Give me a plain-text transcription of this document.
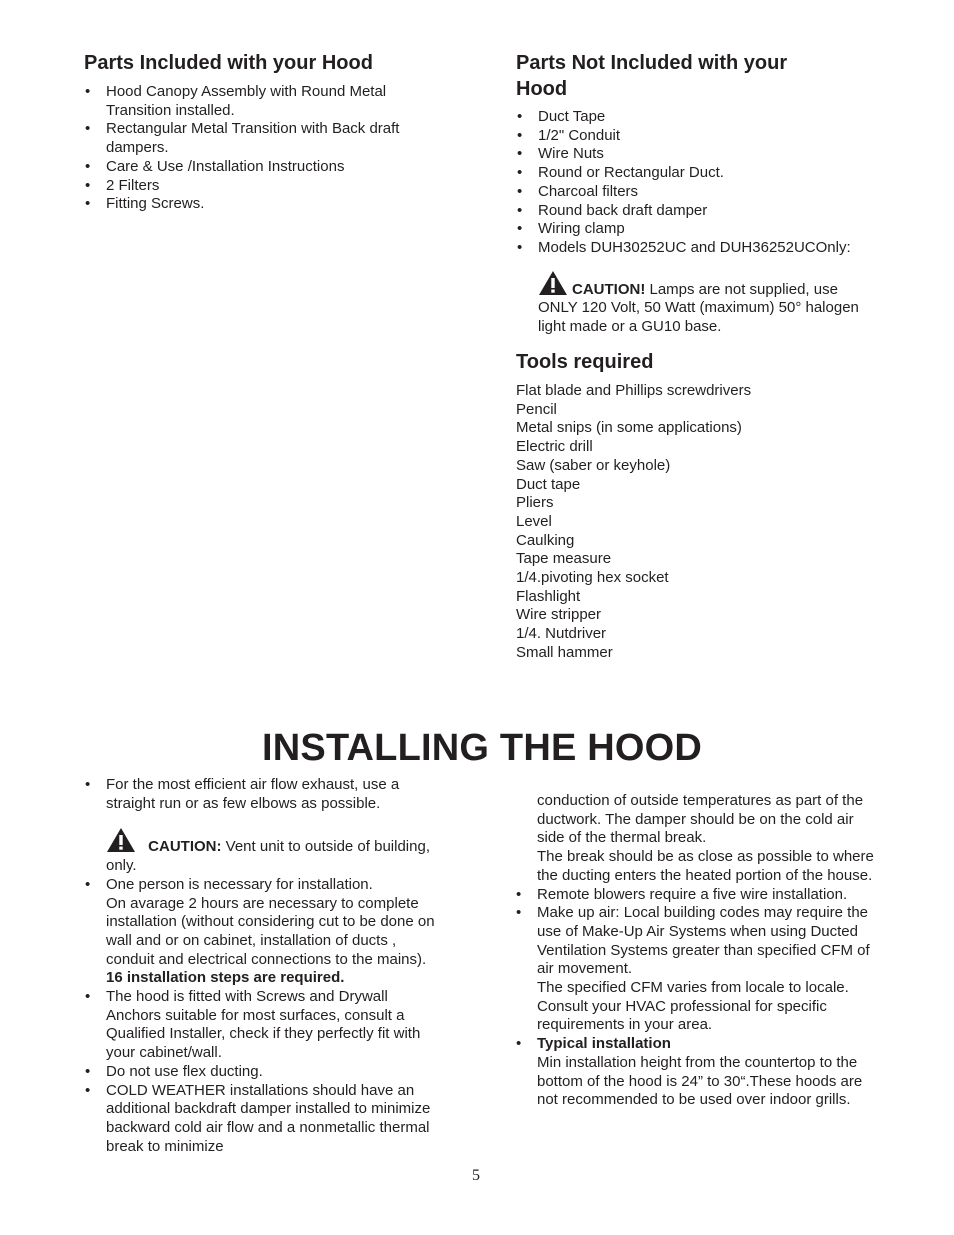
Parts Included with your Hood
• Hood Canopy Assembly with Round Metal Transition installed.
• Rectangular Metal Transition with Back draft dampers.
• Care & Use /Installation Instructions
• 2 Filters
• Fitting Screws.
Parts Not Included with your Hood
• Duct Tape
• 1/2" Conduit
• Wire Nuts
• Round or Rectangular Duct.
• Charcoal filters
• Round back draft damper
• Wiring clamp
• Models DUH30252UC and DUH36252UCOnly:
CAUTION! Lamps are not supplied, use ONLY 120 Volt, 50 Watt (maximum) 50° halogen light made or a GU10 base.
Tools required
Flat blade and Phillips screwdrivers
Pencil
Metal snips (in some applications)
Electric drill
Saw (saber or keyhole)
Duct tape
Pliers
Level
Caulking
Tape measure
1/4.pivoting hex socket
Flashlight
Wire stripper
1/4. Nutdriver
Small hammer
INSTALLING THE HOOD
• For the most efficient air flow exhaust, use a straight run or as few elbows as possible.
CAUTION: Vent unit to outside of building, only.
• One person is necessary for installation.
On avarage 2 hours are necessary to complete installation (without considering cut to be done on wall and or on cabinet, installation of ducts , conduit and electrical connections to the mains).
16 installation steps are required.
• The hood is fitted with Screws and Drywall Anchors suitable for most surfaces, consult a Qualified Installer, check if they perfectly fit with your cabinet/wall.
• Do not use flex ducting.
• COLD WEATHER installations should have an additional backdraft damper installed to minimize backward cold air flow and a nonmetallic thermal break to minimize
conduction of outside temperatures as part of the ductwork. The damper should be on the cold air side of the thermal break.
The break should be as close as possible to where the ducting enters the heated portion of the house.
• Remote blowers require a five wire installation.
• Make up air: Local building codes may require the use of Make-Up Air Systems when using Ducted Ventilation Systems greater than specified CFM of air movement.
The specified CFM varies from locale to locale. Consult your HVAC professional for specific requirements in your area.
• Typical installation
Min installation height from the countertop to the bottom of the hood is 24” to 30“.These hoods are not recommended to be used over indoor grills.
5
